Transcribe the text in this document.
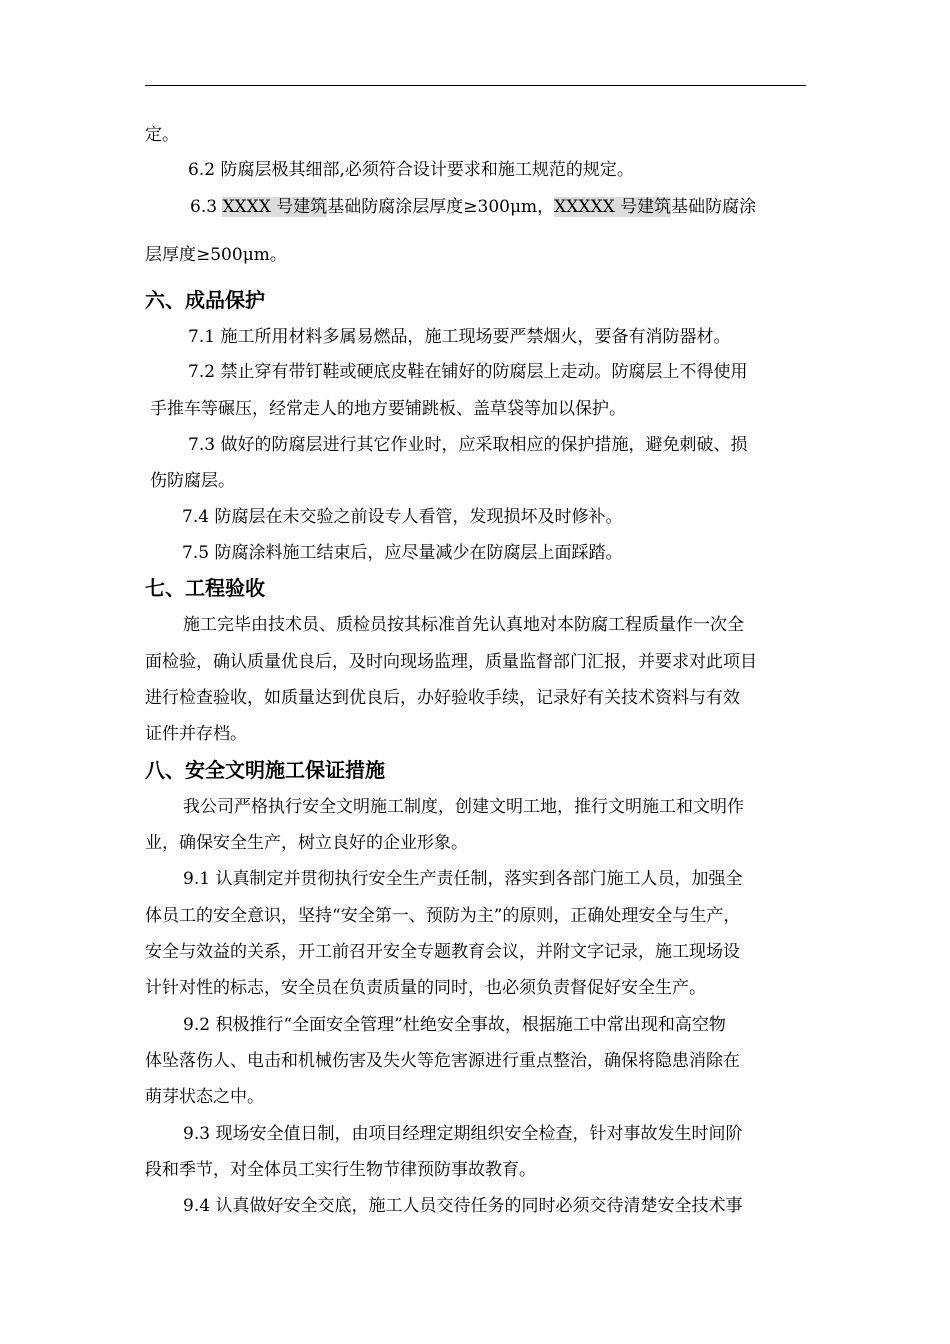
定。
6.2 防腐层极其细部,必须符合设计要求和施工规范的规定。
6.3 XXXX 号建筑基础防腐涂层厚度≥300μm，XXXXX 号建筑基础防腐涂
层厚度≥500μm。
六、成品保护
7.1 施工所用材料多属易燃品，施工现场要严禁烟火，要备有消防器材。
7.2 禁止穿有带钉鞋或硬底皮鞋在铺好的防腐层上走动。防腐层上不得使用
手推车等碾压，经常走人的地方要铺跳板、盖草袋等加以保护。
7.3 做好的防腐层进行其它作业时，应采取相应的保护措施，避免刺破、损
伤防腐层。
7.4 防腐层在未交验之前设专人看管，发现损坏及时修补。
7.5 防腐涂料施工结束后，应尽量减少在防腐层上面踩踏。
七、工程验收
施工完毕由技术员、质检员按其标准首先认真地对本防腐工程质量作一次全
面检验，确认质量优良后，及时向现场监理，质量监督部门汇报，并要求对此项目
进行检查验收，如质量达到优良后，办好验收手续，记录好有关技术资料与有效
证件并存档。
八、安全文明施工保证措施
我公司严格执行安全文明施工制度，创建文明工地，推行文明施工和文明作
业，确保安全生产，树立良好的企业形象。
9.1 认真制定并贯彻执行安全生产责任制，落实到各部门施工人员，加强全
体员工的安全意识，坚持“安全第一、预防为主”的原则，正确处理安全与生产，
安全与效益的关系，开工前召开安全专题教育会议，并附文字记录，施工现场设
计针对性的标志，安全员在负责质量的同时，也必须负责督促好安全生产。
9.2 积极推行“全面安全管理”杜绝安全事故，根据施工中常出现和高空物
体坠落伤人、电击和机械伤害及失火等危害源进行重点整治，确保将隐患消除在
萌芽状态之中。
9.3 现场安全值日制，由项目经理定期组织安全检查，针对事故发生时间阶
段和季节，对全体员工实行生物节律预防事故教育。
9.4 认真做好安全交底，施工人员交待任务的同时必须交待清楚安全技术事
